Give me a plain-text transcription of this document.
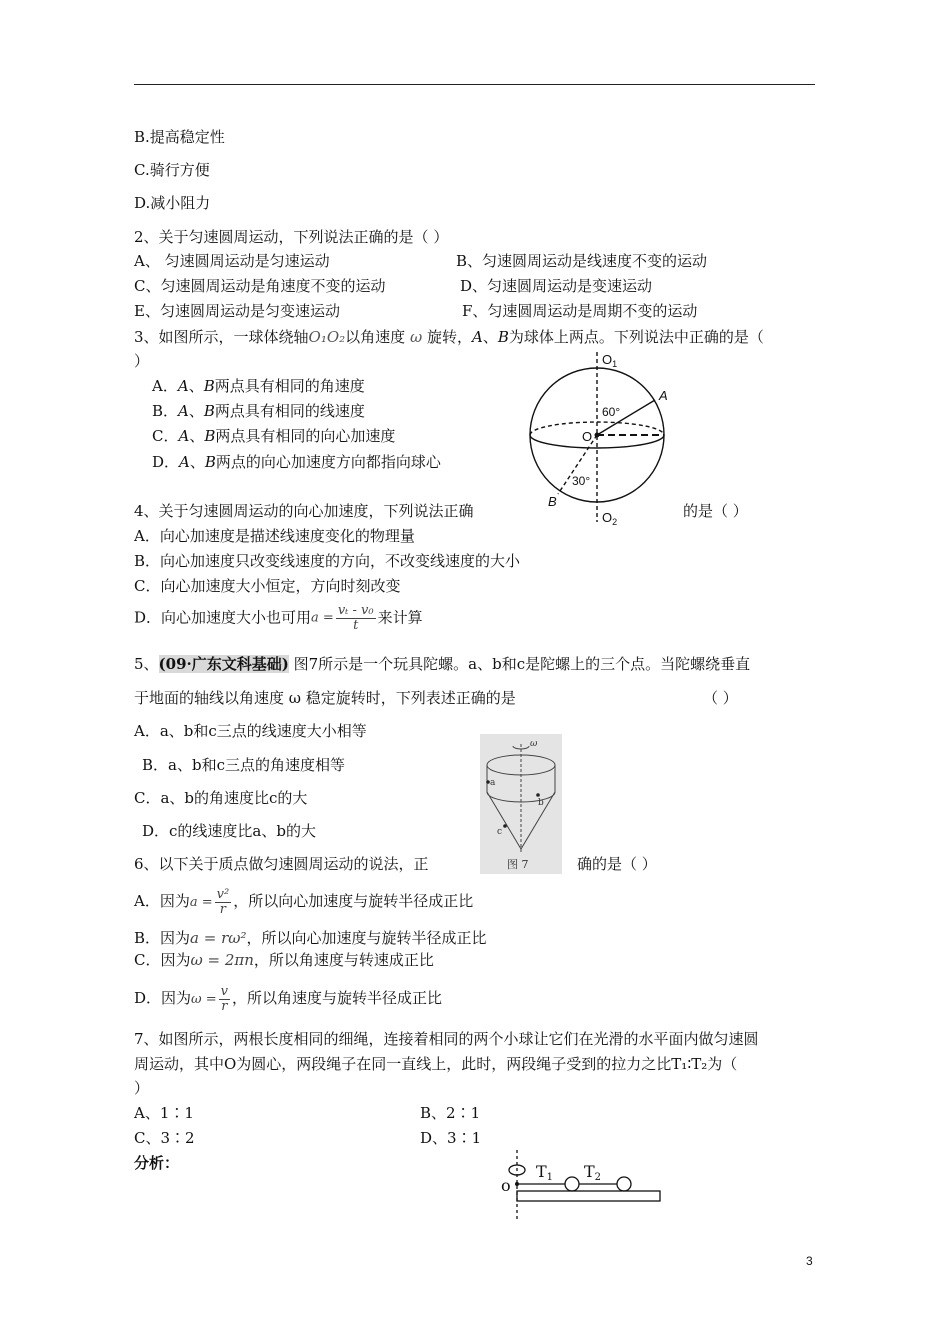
B.提高稳定性
C.骑行方便
D.减小阻力
2、关于匀速圆周运动，下列说法正确的是（ ）
A、 匀速圆周运动是匀速运动	B、匀速圆周运动是线速度不变的运动
C、匀速圆周运动是角速度不变的运动	D、匀速圆周运动是变速运动
E、匀速圆周运动是匀变速运动	F、匀速圆周运动是周期不变的运动
3、如图所示，一球体绕轴O₁O₂以角速度 ω 旋转，A、B为球体上两点。下列说法中正确的是（
）
A．A、B两点具有相同的角速度
B．A、B两点具有相同的线速度
C．A、B两点具有相同的向心加速度
D．A、B两点的向心加速度方向都指向球心
$O_1$
A
60°
O
30°
B
$O_2$
4、关于匀速圆周运动的向心加速度，下列说法正确	的是（ ）
A．向心加速度是描述线速度变化的物理量
B．向心加速度只改变线速度的方向，不改变线速度的大小
C．向心加速度大小恒定，方向时刻改变
D．向心加速度大小也可用$a = \frac{\text{vₜ - v₀}}{t}$ 来计算
5、(09·广东文科基础) 图7所示是一个玩具陀螺。a、b和c是陀螺上的三个点。当陀螺绕垂直
于地面的轴线以角速度 ω 稳定旋转时，下列表述正确的是	（ ）
A．a、b和c三点的线速度大小相等
B．a、b和c三点的角速度相等
C．a、b的角速度比c的大
D．c的线速度比a、b的大
ω
a
b
c
图 7
6、以下关于质点做匀速圆周运动的说法，正	确的是（ ）
A．因为$a = \frac{\text{v²}}{r}$ ，所以向心加速度与旋转半径成正比
B．因为a = rω²，所以向心加速度与旋转半径成正比
C．因为ω = 2πn，所以角速度与转速成正比
D．因为$\omega = \frac{v}{r}$ ，所以角速度与旋转半径成正比
7、如图所示，两根长度相同的细绳，连接着相同的两个小球让它们在光滑的水平面内做匀速圆
周运动，其中O为圆心，两段绳子在同一直线上，此时，两段绳子受到的拉力之比T₁∶T₂为（
）
A、1∶1	B、2∶1
C、3∶2	D、3∶1
分析：
o
T1 T2
3
